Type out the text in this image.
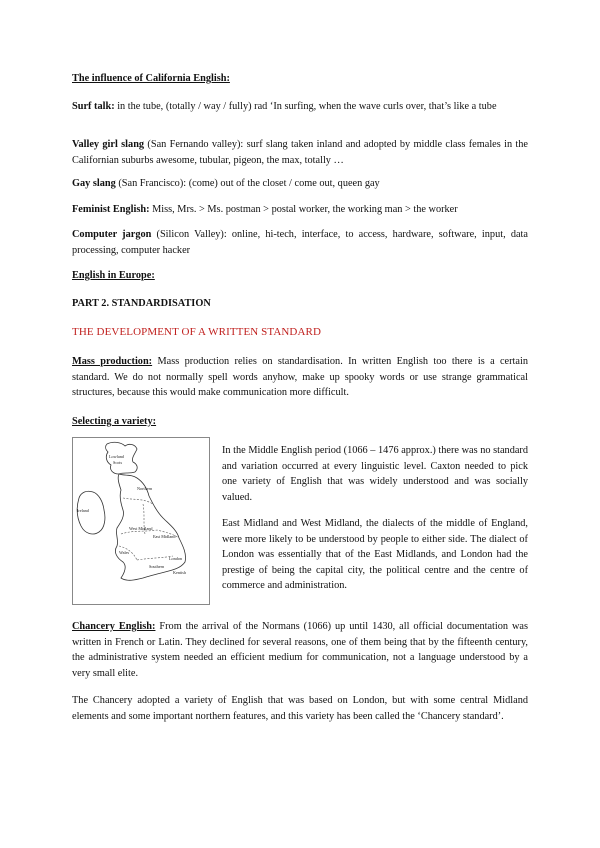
The influence of California English:

Surf talk: in the tube, (totally / way / fully) rad ‘In surfing, when the wave curls over, that’s like a tube

Valley girl slang (San Fernando valley): surf slang taken inland and adopted by middle class females in the Californian suburbs awesome, tubular, pigeon, the max, totally …

Gay slang (San Francisco): (come) out of the closet / come out, queen gay

Feminist English: Miss, Mrs. > Ms. postman > postal worker, the working man > the worker

Computer jargon (Silicon Valley): online, hi-tech, interface, to access, hardware, software, input, data processing, computer hacker

English in Europe:

PART 2. STANDARDISATION

THE DEVELOPMENT OF A WRITTEN STANDARD

Mass production: Mass production relies on standardisation. In written English too there is a certain standard. We do not normally spell words anyhow, make up spooky words or use strange grammatical structures, because this would make communication more difficult.

Selecting a variety:

Lowland
Scots
Northern
Ireland
West Midland
East Midland
Wales
Southern
Kentish
London

In the Middle English period (1066 – 1476 approx.) there was no standard and variation occurred at every linguistic level. Caxton needed to pick one variety of English that was widely understood and was socially valued.

East Midland and West Midland, the dialects of the middle of England, were more likely to be understood by people to either side. The dialect of London was essentially that of the East Midlands, and London had the prestige of being the capital city, the political centre and the centre of commerce and administration.

Chancery English: From the arrival of the Normans (1066) up until 1430, all official documentation was written in French or Latin. They declined for several reasons, one of them being that by the fifteenth century, the administrative system needed an efficient medium for communication, not a language understood by a very small elite.

The Chancery adopted a variety of English that was based on London, but with some central Midland elements and some important northern features, and this variety has been called the ‘Chancery standard’.
